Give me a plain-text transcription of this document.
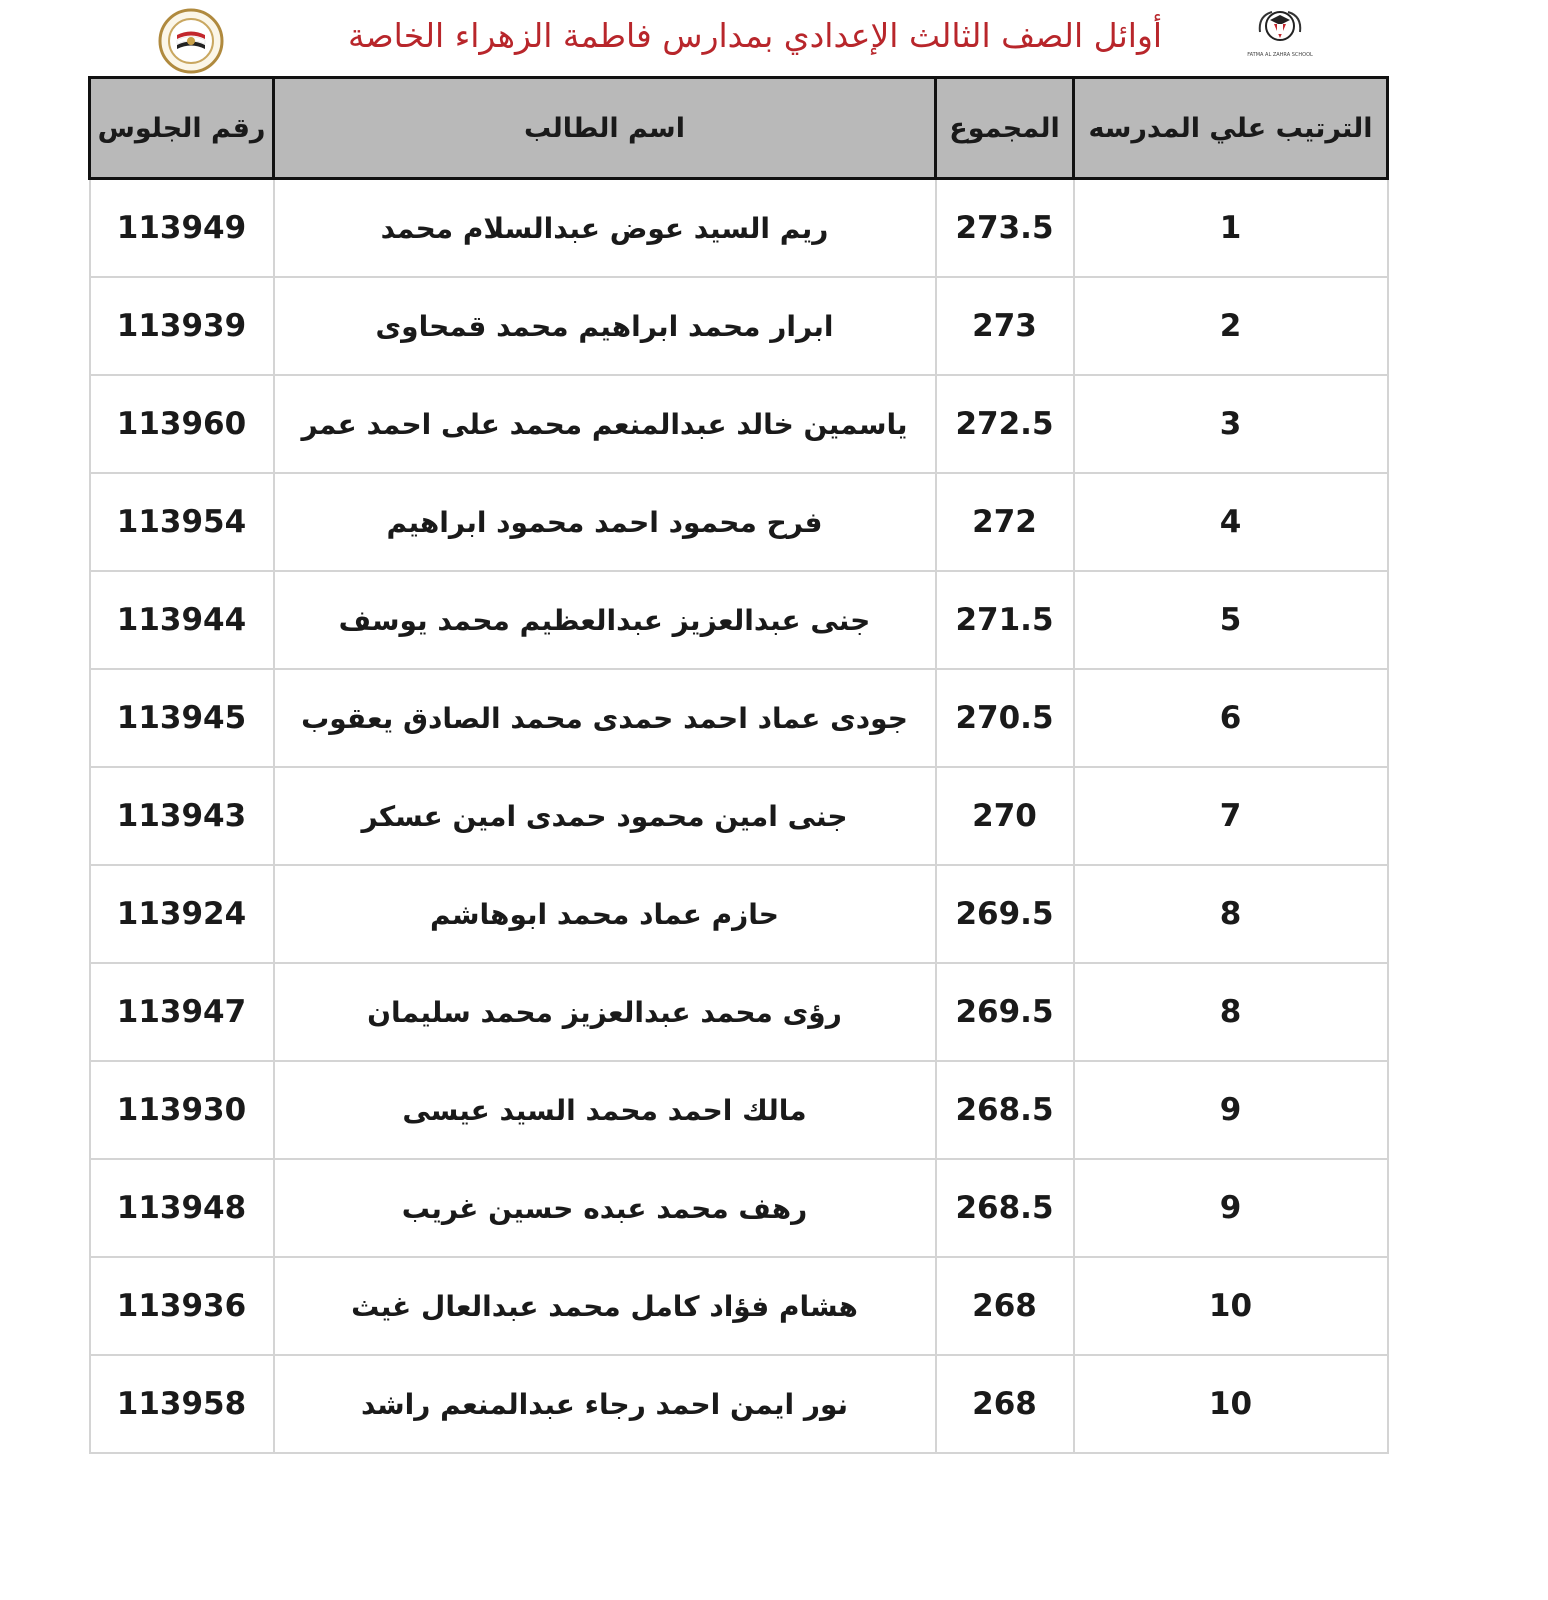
أوائل الصف الثالث الإعدادي بمدارس فاطمة الزهراء الخاصة	FATMA AL ZAHRA SCHOOL
رقم الجلوس	اسم الطالب	المجموع	الترتيب علي المدرسه
113949	ريم السيد عوض عبدالسلام محمد	273.5	1
113939	ابرار محمد ابراهيم محمد قمحاوى	273	2
113960	ياسمين خالد عبدالمنعم محمد على احمد عمر	272.5	3
113954	فرح محمود احمد محمود ابراهيم	272	4
113944	جنى عبدالعزيز عبدالعظيم محمد يوسف	271.5	5
113945	جودى عماد احمد حمدى محمد الصادق يعقوب	270.5	6
113943	جنى امين محمود حمدى امين عسكر	270	7
113924	حازم عماد محمد ابوهاشم	269.5	8
113947	رؤى محمد عبدالعزيز محمد سليمان	269.5	8
113930	مالك احمد محمد السيد عيسى	268.5	9
113948	رهف محمد عبده حسين غريب	268.5	9
113936	هشام فؤاد كامل محمد عبدالعال غيث	268	10
113958	نور ايمن احمد رجاء عبدالمنعم راشد	268	10
